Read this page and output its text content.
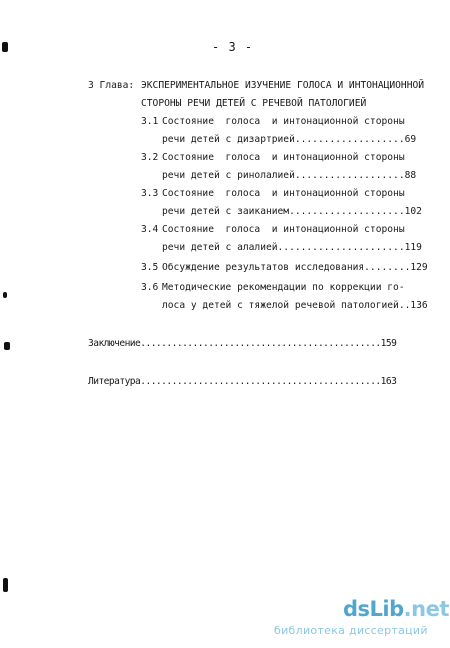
- 3 -
3 Глава: ЭКСПЕРИМЕНТАЛЬНОЕ ИЗУЧЕНИЕ ГОЛОСА И ИНТОНАЦИОННОЙ
СТОРОНЫ РЕЧИ ДЕТЕЙ С РЕЧЕВОЙ ПАТОЛОГИЕЙ
3.1 Состояние  голоса  и интонационной стороны
речи детей с дизартрией...................69
3.2 Состояние  голоса  и интонационной стороны
речи детей с ринолалией...................88
3.3 Состояние  голоса  и интонационной стороны
речи детей с заиканием....................102
3.4 Состояние  голоса  и интонационной стороны
речи детей с алалией......................119
3.5 Обсуждение результатов исследования........129
3.6 Методические рекомендации по коррекции го-
лоса у детей с тяжелой речевой патологией..136
Заключение..............................................159
Литература..............................................163
dsLib.net
библиотека диссертаций
